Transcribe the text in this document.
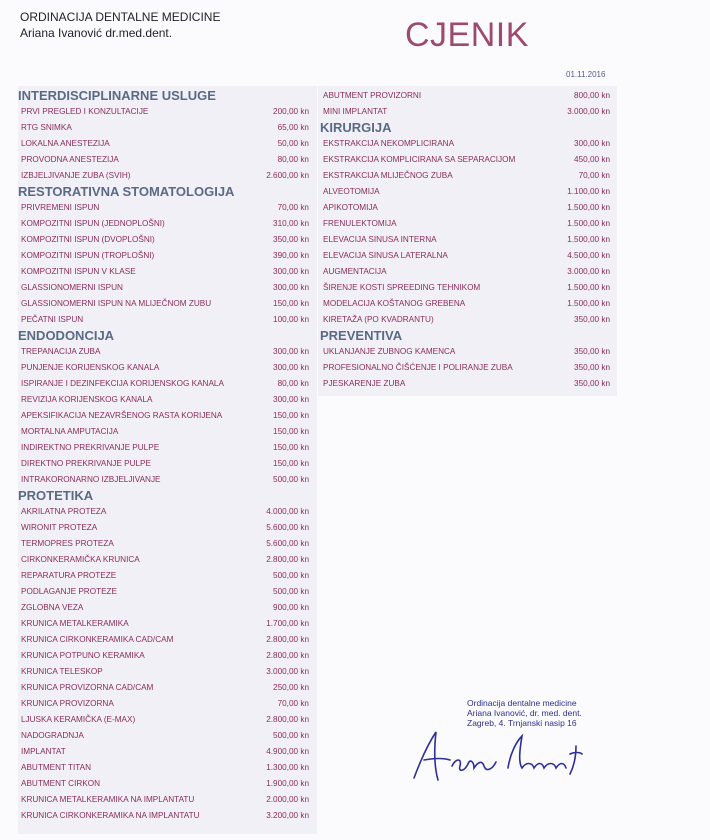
ORDINACIJA DENTALNE MEDICINE
Ariana Ivanović dr.med.dent.	CJENIK
01.11.2016
INTERDISCIPLINARNE USLUGE
PRVI PREGLED I KONZULTACIJE	200,00 kn
RTG SNIMKA	65,00 kn
LOKALNA ANESTEZIJA	50,00 kn
PROVODNA ANESTEZIJA	80,00 kn
IZBJELJIVANJE ZUBA (SVIH)	2.600,00 kn
RESTORATIVNA STOMATOLOGIJA
PRIVREMENI ISPUN	70,00 kn
KOMPOZITNI ISPUN (JEDNOPLOŠNI)	310,00 kn
KOMPOZITNI ISPUN (DVOPLOŠNI)	350,00 kn
KOMPOZITNI ISPUN (TROPLOŠNI)	390,00 kn
KOMPOZITNI ISPUN V KLASE	300,00 kn
GLASSIONOMERNI ISPUN	300,00 kn
GLASSIONOMERNI ISPUN NA MLIJEČNOM ZUBU	150,00 kn
PEČATNI ISPUN	100,00 kn
ENDODONCIJA
TREPANACIJA ZUBA	300,00 kn
PUNJENJE KORIJENSKOG KANALA	300,00 kn
ISPIRANJE I DEZINFEKCIJA KORIJENSKOG KANALA	80,00 kn
REVIZIJA KORIJENSKOG KANALA	300,00 kn
APEKSIFIKACIJA NEZAVRŠENOG RASTA KORIJENA	150,00 kn
MORTALNA AMPUTACIJA	150,00 kn
INDIREKTNO PREKRIVANJE PULPE	150,00 kn
DIREKTNO PREKRIVANJE PULPE	150,00 kn
INTRAKORONARNO IZBJELJIVANJE	500,00 kn
PROTETIKA
AKRILATNA PROTEZA	4.000,00 kn
WIRONIT PROTEZA	5.600,00 kn
TERMOPRES PROTEZA	5.600,00 kn
CIRKONKERAMIČKA KRUNICA	2.800,00 kn
REPARATURA PROTEZE	500,00 kn
PODLAGANJE PROTEZE	500,00 kn
ZGLOBNA VEZA	900,00 kn
KRUNICA METALKERAMIKA	1.700,00 kn
KRUNICA CIRKONKERAMIKA CAD/CAM	2.800,00 kn
KRUNICA POTPUNO KERAMIKA	2.800,00 kn
KRUNICA TELESKOP	3.000,00 kn
KRUNICA PROVIZORNA CAD/CAM	250,00 kn
KRUNICA PROVIZORNA	70,00 kn
LJUSKA KERAMIČKA (E-MAX)	2.800,00 kn
NADOGRADNJA	500,00 kn
IMPLANTAT	4.900,00 kn
ABUTMENT TITAN	1.300,00 kn
ABUTMENT CIRKON	1.900,00 kn
KRUNICA METALKERAMIKA NA IMPLANTATU	2.000,00 kn
KRUNICA CIRKONKERAMIKA NA IMPLANTATU	3.200,00 kn
ABUTMENT PROVIZORNI	800,00 kn
MINI IMPLANTAT	3.000,00 kn
KIRURGIJA
EKSTRAKCIJA NEKOMPLICIRANA	300,00 kn
EKSTRAKCIJA KOMPLICIRANA SA SEPARACIJOM	450,00 kn
EKSTRAKCIJA MLIJEČNOG ZUBA	70,00 kn
ALVEOTOMIJA	1.100,00 kn
APIKOTOMIJA	1.500,00 kn
FRENULEKTOMIJA	1.500,00 kn
ELEVACIJA SINUSA INTERNA	1.500,00 kn
ELEVACIJA SINUSA LATERALNA	4.500,00 kn
AUGMENTACIJA	3.000,00 kn
ŠIRENJE KOSTI SPREEDING TEHNIKOM	1.500,00 kn
MODELACIJA KOŠTANOG GREBENA	1.500,00 kn
KIRETAŽA (PO KVADRANTU)	350,00 kn
PREVENTIVA
UKLANJANJE ZUBNOG KAMENCA	350,00 kn
PROFESIONALNO ČIŠĆENJE I POLIRANJE ZUBA	350,00 kn
PJESKARENJE ZUBA	350,00 kn
Ordinacija dentalne medicine
Ariana Ivanović, dr. med. dent.
Zagreb, 4. Trnjanski nasip 16
